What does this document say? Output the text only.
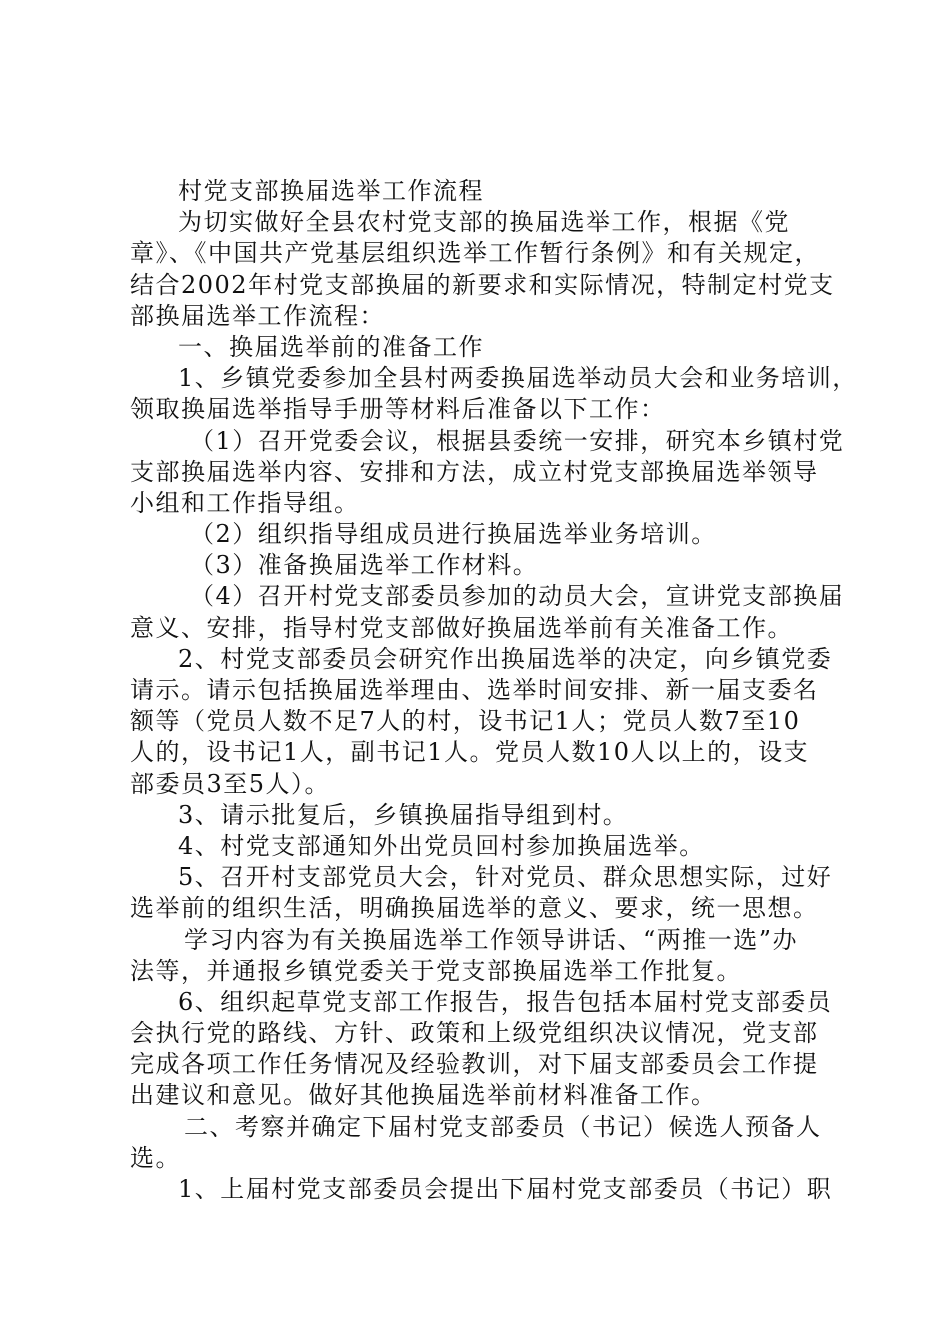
村党支部换届选举工作流程
为切实做好全县农村党支部的换届选举工作，根据《党
章》、《中国共产党基层组织选举工作暂行条例》和有关规定，
结合2002年村党支部换届的新要求和实际情况，特制定村党支
部换届选举工作流程：
一、换届选举前的准备工作
1、乡镇党委参加全县村两委换届选举动员大会和业务培训，
领取换届选举指导手册等材料后准备以下工作：
（1）召开党委会议，根据县委统一安排，研究本乡镇村党
支部换届选举内容、安排和方法，成立村党支部换届选举领导
小组和工作指导组。
（2）组织指导组成员进行换届选举业务培训。
（3）准备换届选举工作材料。
（4）召开村党支部委员参加的动员大会，宣讲党支部换届
意义、安排，指导村党支部做好换届选举前有关准备工作。
2、村党支部委员会研究作出换届选举的决定，向乡镇党委
请示。请示包括换届选举理由、选举时间安排、新一届支委名
额等（党员人数不足7人的村，设书记1人；党员人数7至10
人的，设书记1人，副书记1人。党员人数10人以上的，设支
部委员3至5人）。
3、请示批复后，乡镇换届指导组到村。
4、村党支部通知外出党员回村参加换届选举。
5、召开村支部党员大会，针对党员、群众思想实际，过好
选举前的组织生活，明确换届选举的意义、要求，统一思想。
学习内容为有关换届选举工作领导讲话、“两推一选”办
法等，并通报乡镇党委关于党支部换届选举工作批复。
6、组织起草党支部工作报告，报告包括本届村党支部委员
会执行党的路线、方针、政策和上级党组织决议情况，党支部
完成各项工作任务情况及经验教训，对下届支部委员会工作提
出建议和意见。做好其他换届选举前材料准备工作。
二、考察并确定下届村党支部委员（书记）候选人预备人
选。
1、上届村党支部委员会提出下届村党支部委员（书记）职
